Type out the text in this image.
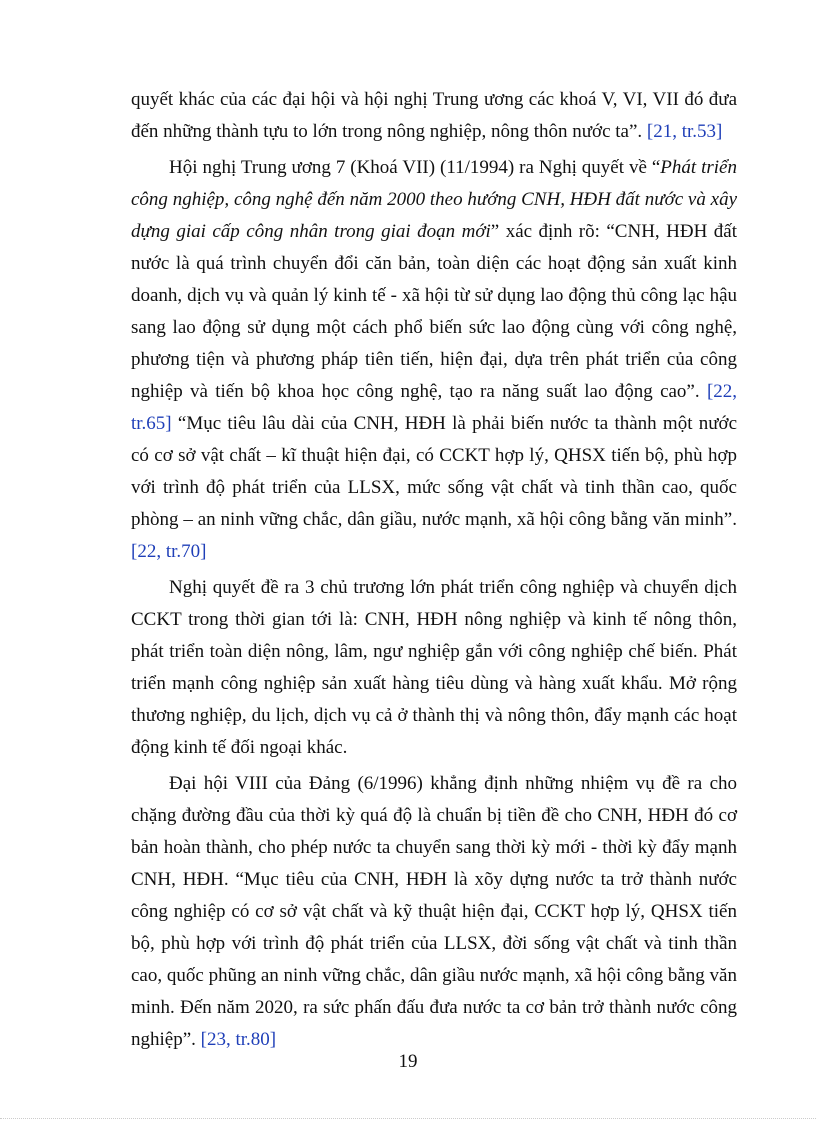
quyết khác của các đại hội và hội nghị Trung ương các khoá V, VI, VII đó đưa đến những thành tựu to lớn trong nông nghiệp, nông thôn nước ta”. [21, tr.53]

Hội nghị Trung ương 7 (Khoá VII) (11/1994) ra Nghị quyết về “Phát triển công nghiệp, công nghệ đến năm 2000 theo hướng CNH, HĐH đất nước và xây dựng giai cấp công nhân trong giai đoạn mới” xác định rõ: “CNH, HĐH đất nước là quá trình chuyển đổi căn bản, toàn diện các hoạt động sản xuất kinh doanh, dịch vụ và quản lý kinh tế - xã hội từ sử dụng lao động thủ công lạc hậu sang lao động sử dụng một cách phổ biến sức lao động cùng với công nghệ, phương tiện và phương pháp tiên tiến, hiện đại, dựa trên phát triển của công nghiệp và tiến bộ khoa học công nghệ, tạo ra năng suất lao động cao”. [22, tr.65] “Mục tiêu lâu dài của CNH, HĐH là phải biến nước ta thành một nước có cơ sở vật chất – kĩ thuật hiện đại, có CCKT hợp lý, QHSX tiến bộ, phù hợp với trình độ phát triển của LLSX, mức sống vật chất và tinh thần cao, quốc phòng – an ninh vững chắc, dân giầu, nước mạnh, xã hội công bằng văn minh”. [22, tr.70]

Nghị quyết đề ra 3 chủ trương lớn phát triển công nghiệp và chuyển dịch CCKT trong thời gian tới là: CNH, HĐH nông nghiệp và kinh tế nông thôn, phát triển toàn diện nông, lâm, ngư nghiệp gắn với công nghiệp chế biến. Phát triển mạnh công nghiệp sản xuất hàng tiêu dùng và hàng xuất khẩu. Mở rộng thương nghiệp, du lịch, dịch vụ cả ở thành thị và nông thôn, đẩy mạnh các hoạt động kinh tế đối ngoại khác.

Đại hội VIII của Đảng (6/1996) khẳng định những nhiệm vụ đề ra cho chặng đường đầu của thời kỳ quá độ là chuẩn bị tiền đề cho CNH, HĐH đó cơ bản hoàn thành, cho phép nước ta chuyển sang thời kỳ mới - thời kỳ đẩy mạnh CNH, HĐH. “Mục tiêu của CNH, HĐH là xõy dựng nước ta trở thành nước công nghiệp có cơ sở vật chất và kỹ thuật hiện đại, CCKT hợp lý, QHSX tiến bộ, phù hợp với trình độ phát triển của LLSX, đời sống vật chất và tinh thần cao, quốc phũng an ninh vững chắc, dân giầu nước mạnh, xã hội công bằng văn minh. Đến năm 2020, ra sức phấn đấu đưa nước ta cơ bản trở thành nước công nghiệp”. [23, tr.80]

19
